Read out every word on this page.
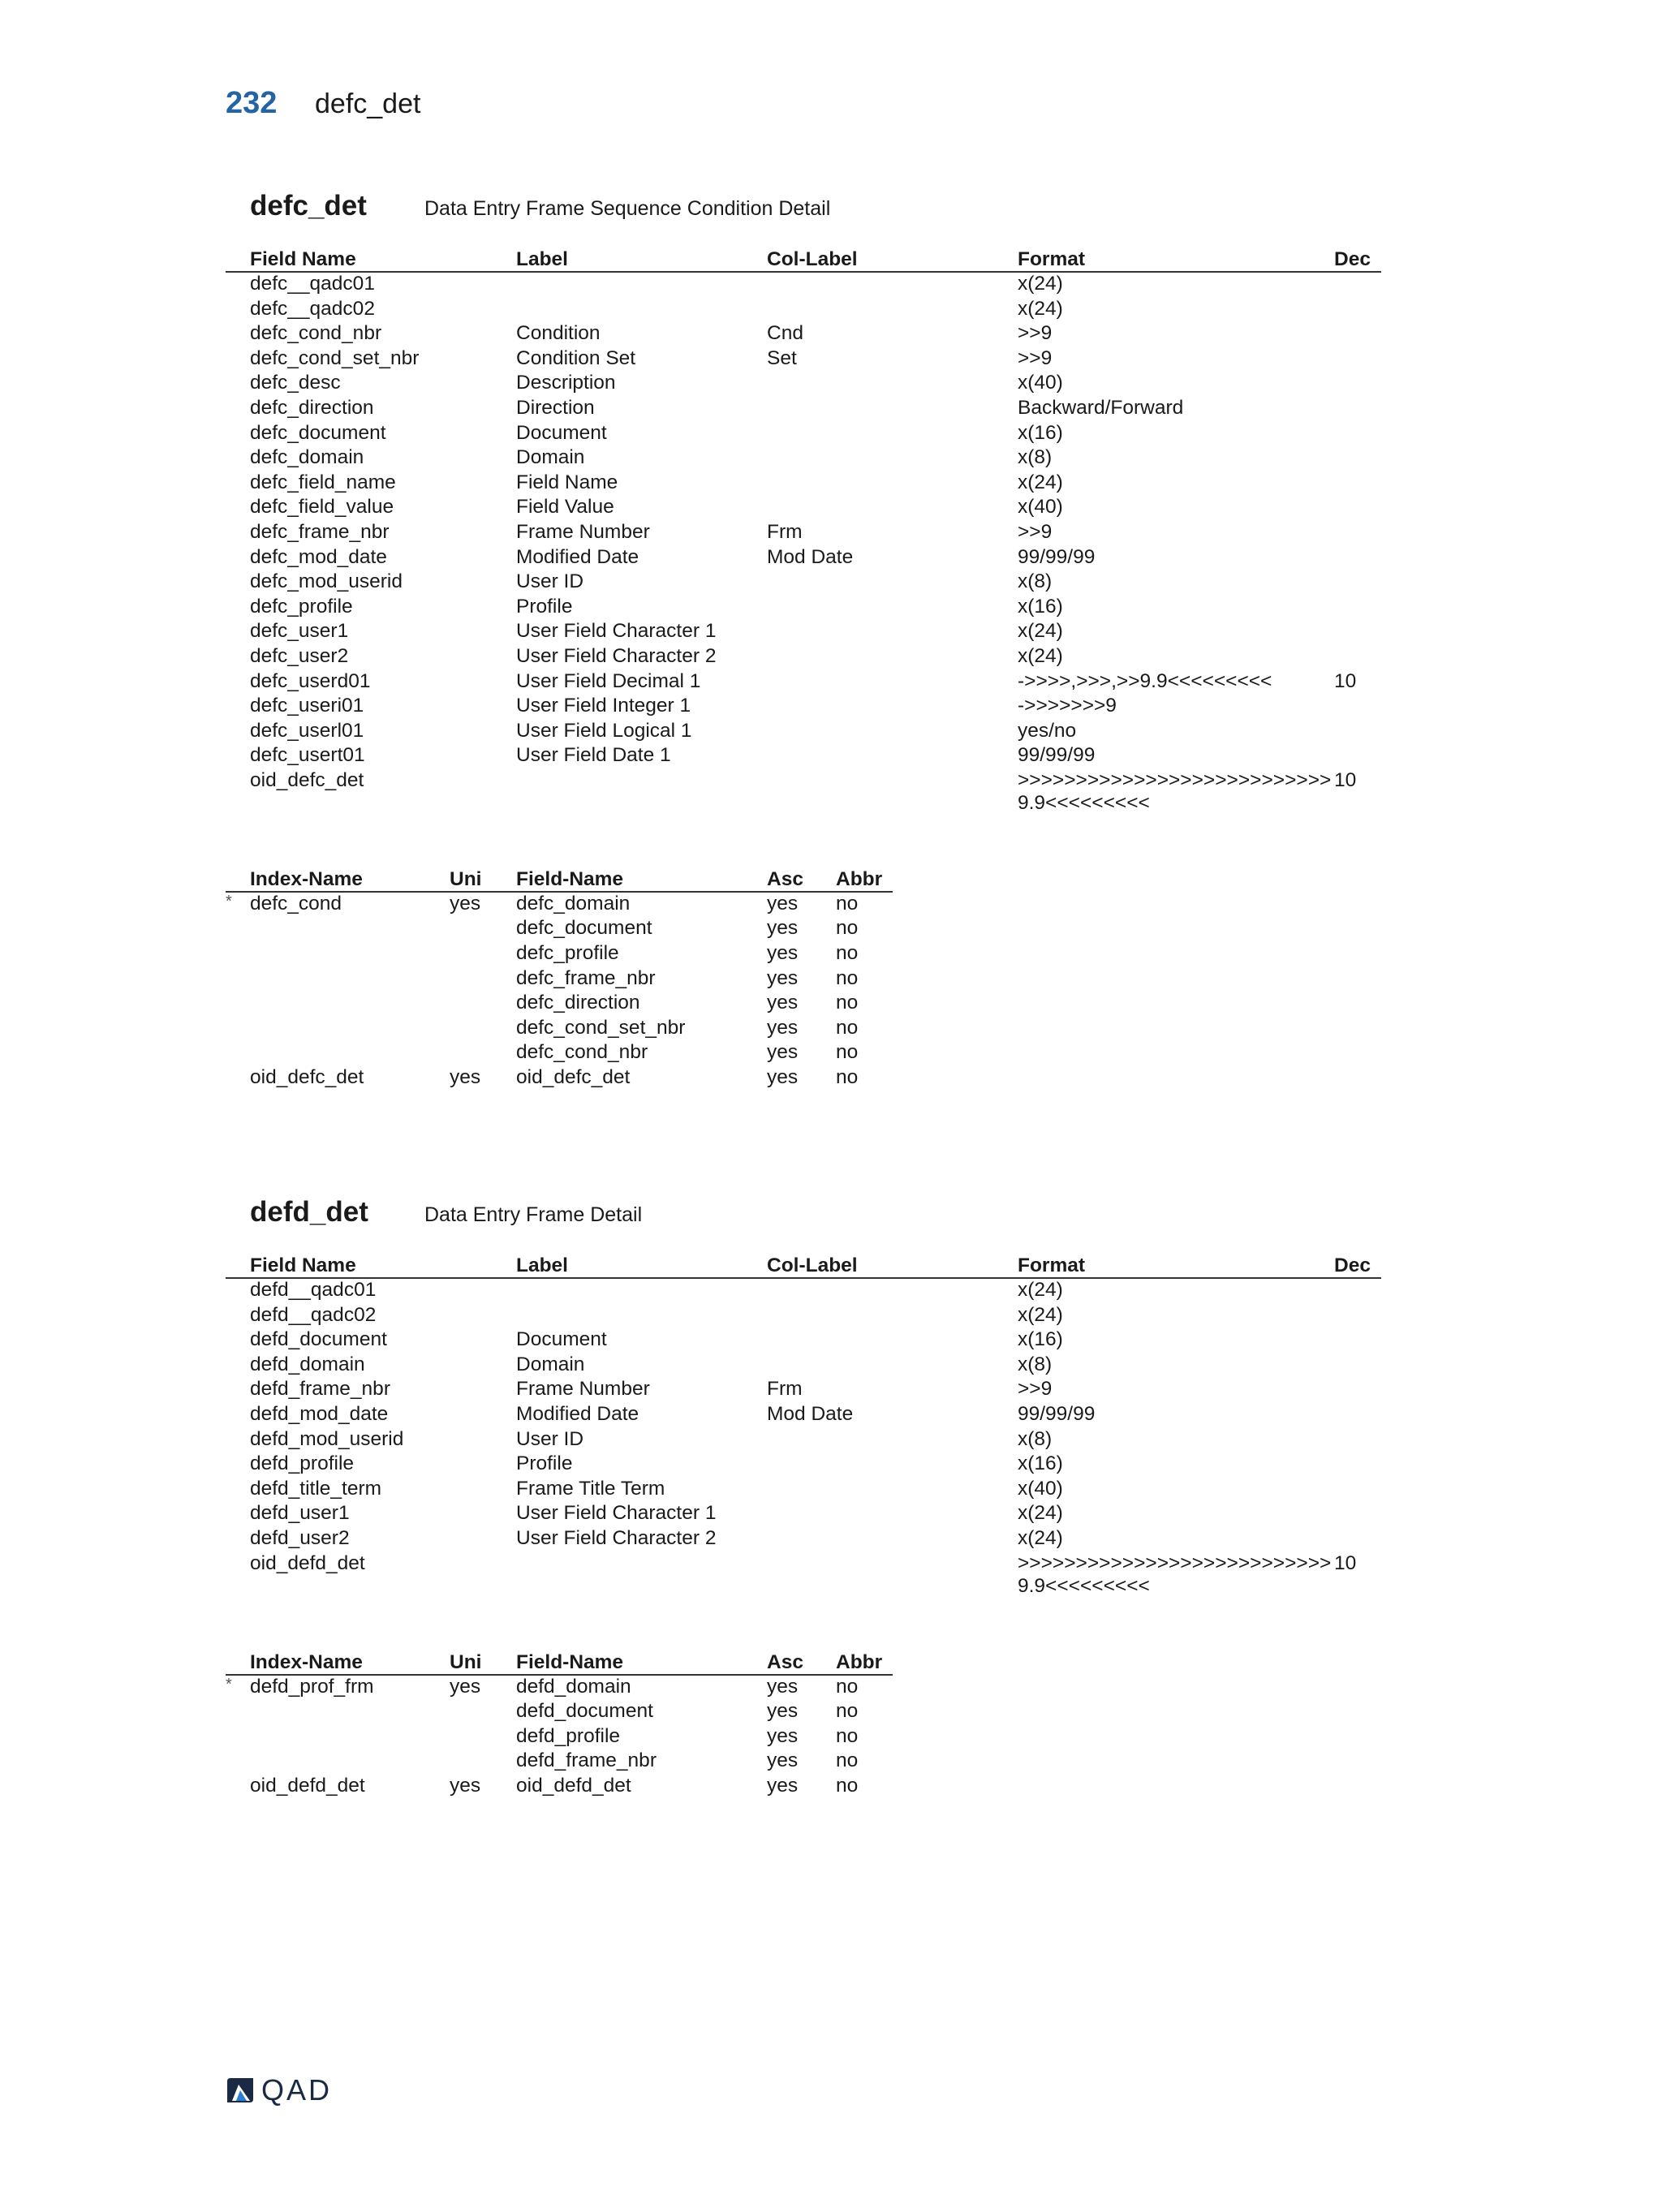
232	defc_det
defc_det	Data Entry Frame Sequence Condition Detail
	Field Name	Label	Col-Label	Format	Dec
	defc__qadc01			x(24)	
	defc__qadc02			x(24)	
	defc_cond_nbr	Condition	Cnd	>>9	
	defc_cond_set_nbr	Condition Set	Set	>>9	
	defc_desc	Description		x(40)	
	defc_direction	Direction		Backward/Forward	
	defc_document	Document		x(16)	
	defc_domain	Domain		x(8)	
	defc_field_name	Field Name		x(24)	
	defc_field_value	Field Value		x(40)	
	defc_frame_nbr	Frame Number	Frm	>>9	
	defc_mod_date	Modified Date	Mod Date	99/99/99	
	defc_mod_userid	User ID		x(8)	
	defc_profile	Profile		x(16)	
	defc_user1	User Field Character 1		x(24)	
	defc_user2	User Field Character 2		x(24)	
	defc_userd01	User Field Decimal 1		->>>>,>>>,>>9.9<<<<<<<<<	10
	defc_useri01	User Field Integer 1		->>>>>>>9	
	defc_userl01	User Field Logical 1		yes/no	
	defc_usert01	User Field Date 1		99/99/99	
	oid_defc_det			>>>>>>>>>>>>>>>>>>>>>>>>>>>9.9<<<<<<<<<	10
	Index-Name	Uni	Field-Name	Asc	Abbr
*	defc_cond	yes	defc_domain	yes	no
			defc_document	yes	no
			defc_profile	yes	no
			defc_frame_nbr	yes	no
			defc_direction	yes	no
			defc_cond_set_nbr	yes	no
			defc_cond_nbr	yes	no
	oid_defc_det	yes	oid_defc_det	yes	no
defd_det	Data Entry Frame Detail
	Field Name	Label	Col-Label	Format	Dec
	defd__qadc01			x(24)	
	defd__qadc02			x(24)	
	defd_document	Document		x(16)	
	defd_domain	Domain		x(8)	
	defd_frame_nbr	Frame Number	Frm	>>9	
	defd_mod_date	Modified Date	Mod Date	99/99/99	
	defd_mod_userid	User ID		x(8)	
	defd_profile	Profile		x(16)	
	defd_title_term	Frame Title Term		x(40)	
	defd_user1	User Field Character 1		x(24)	
	defd_user2	User Field Character 2		x(24)	
	oid_defd_det			>>>>>>>>>>>>>>>>>>>>>>>>>>>9.9<<<<<<<<<	10
	Index-Name	Uni	Field-Name	Asc	Abbr
*	defd_prof_frm	yes	defd_domain	yes	no
			defd_document	yes	no
			defd_profile	yes	no
			defd_frame_nbr	yes	no
	oid_defd_det	yes	oid_defd_det	yes	no
QAD
